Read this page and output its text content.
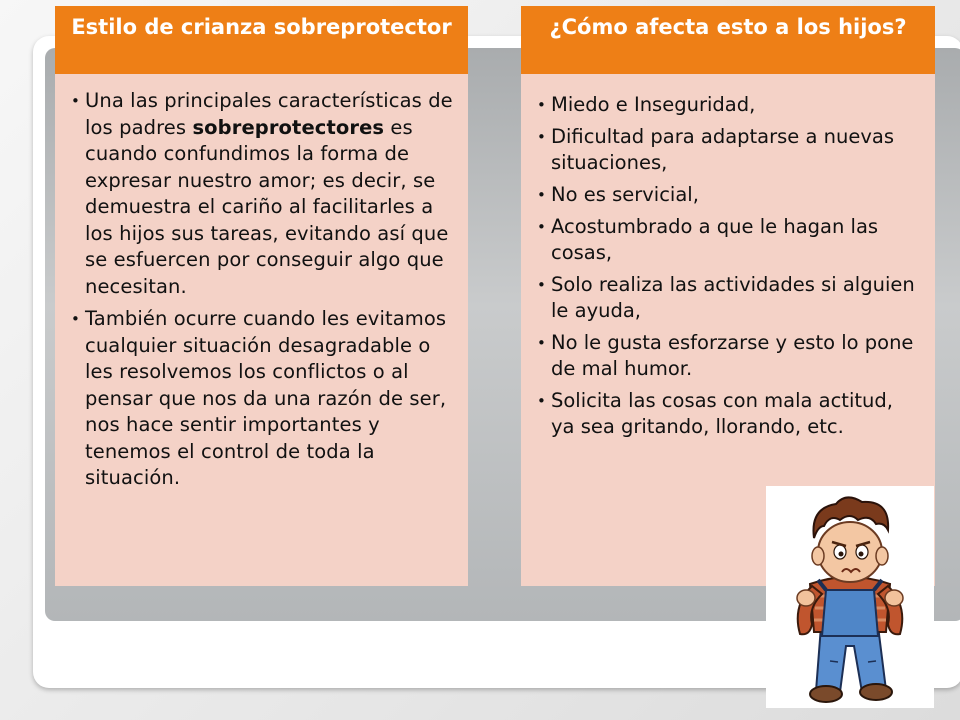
Estilo de crianza sobreprotector
• Una las principales características de los padres sobreprotectores es cuando confundimos la forma de expresar nuestro amor; es decir, se demuestra el cariño al facilitarles a los hijos sus tareas, evitando así que se esfuercen por conseguir algo que necesitan.
• También ocurre cuando les evitamos cualquier situación desagradable o les resolvemos los conflictos o al pensar que nos da una razón de ser, nos hace sentir importantes y tenemos el control de toda la situación.
¿Cómo afecta esto a los hijos?
• Miedo e Inseguridad,
• Dificultad para adaptarse a nuevas situaciones,
• No es servicial,
• Acostumbrado a que le hagan las cosas,
• Solo realiza las actividades si alguien le ayuda,
• No le gusta esforzarse y esto lo pone de mal humor.
• Solicita las cosas con mala actitud, ya sea gritando, llorando, etc.
